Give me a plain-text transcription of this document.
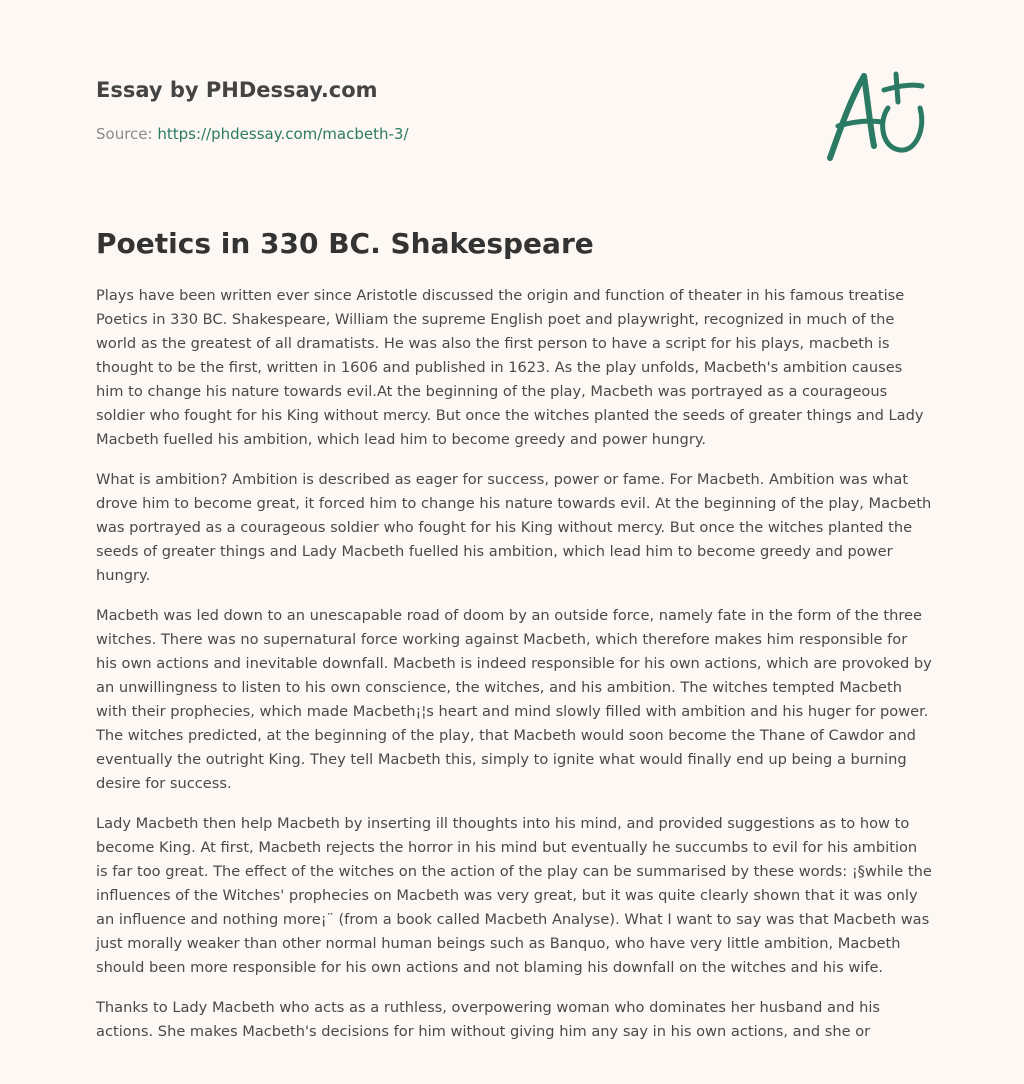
Essay by PHDessay.com
Source: https://phdessay.com/macbeth-3/
Poetics in 330 BC. Shakespeare

Plays have been written ever since Aristotle discussed the origin and function of theater in his famous treatise Poetics in 330 BC. Shakespeare, William the supreme English poet and playwright, recognized in much of the world as the greatest of all dramatists. He was also the first person to have a script for his plays, macbeth is thought to be the first, written in 1606 and published in 1623. As the play unfolds, Macbeth's ambition causes him to change his nature towards evil.At the beginning of the play, Macbeth was portrayed as a courageous soldier who fought for his King without mercy. But once the witches planted the seeds of greater things and Lady Macbeth fuelled his ambition, which lead him to become greedy and power hungry.

What is ambition? Ambition is described as eager for success, power or fame. For Macbeth. Ambition was what drove him to become great, it forced him to change his nature towards evil. At the beginning of the play, Macbeth was portrayed as a courageous soldier who fought for his King without mercy. But once the witches planted the seeds of greater things and Lady Macbeth fuelled his ambition, which lead him to become greedy and power hungry.

Macbeth was led down to an unescapable road of doom by an outside force, namely fate in the form of the three witches. There was no supernatural force working against Macbeth, which therefore makes him responsible for his own actions and inevitable downfall. Macbeth is indeed responsible for his own actions, which are provoked by an unwillingness to listen to his own conscience, the witches, and his ambition. The witches tempted Macbeth with their prophecies, which made Macbeth¡¦s heart and mind slowly filled with ambition and his huger for power. The witches predicted, at the beginning of the play, that Macbeth would soon become the Thane of Cawdor and eventually the outright King. They tell Macbeth this, simply to ignite what would finally end up being a burning desire for success.

Lady Macbeth then help Macbeth by inserting ill thoughts into his mind, and provided suggestions as to how to become King. At first, Macbeth rejects the horror in his mind but eventually he succumbs to evil for his ambition is far too great. The effect of the witches on the action of the play can be summarised by these words: ¡§while the influences of the Witches' prophecies on Macbeth was very great, but it was quite clearly shown that it was only an influence and nothing more¡¨ (from a book called Macbeth Analyse). What I want to say was that Macbeth was just morally weaker than other normal human beings such as Banquo, who have very little ambition, Macbeth should been more responsible for his own actions and not blaming his downfall on the witches and his wife.

Thanks to Lady Macbeth who acts as a ruthless, overpowering woman who dominates her husband and his actions. She makes Macbeth's decisions for him without giving him any say in his own actions, and she or
